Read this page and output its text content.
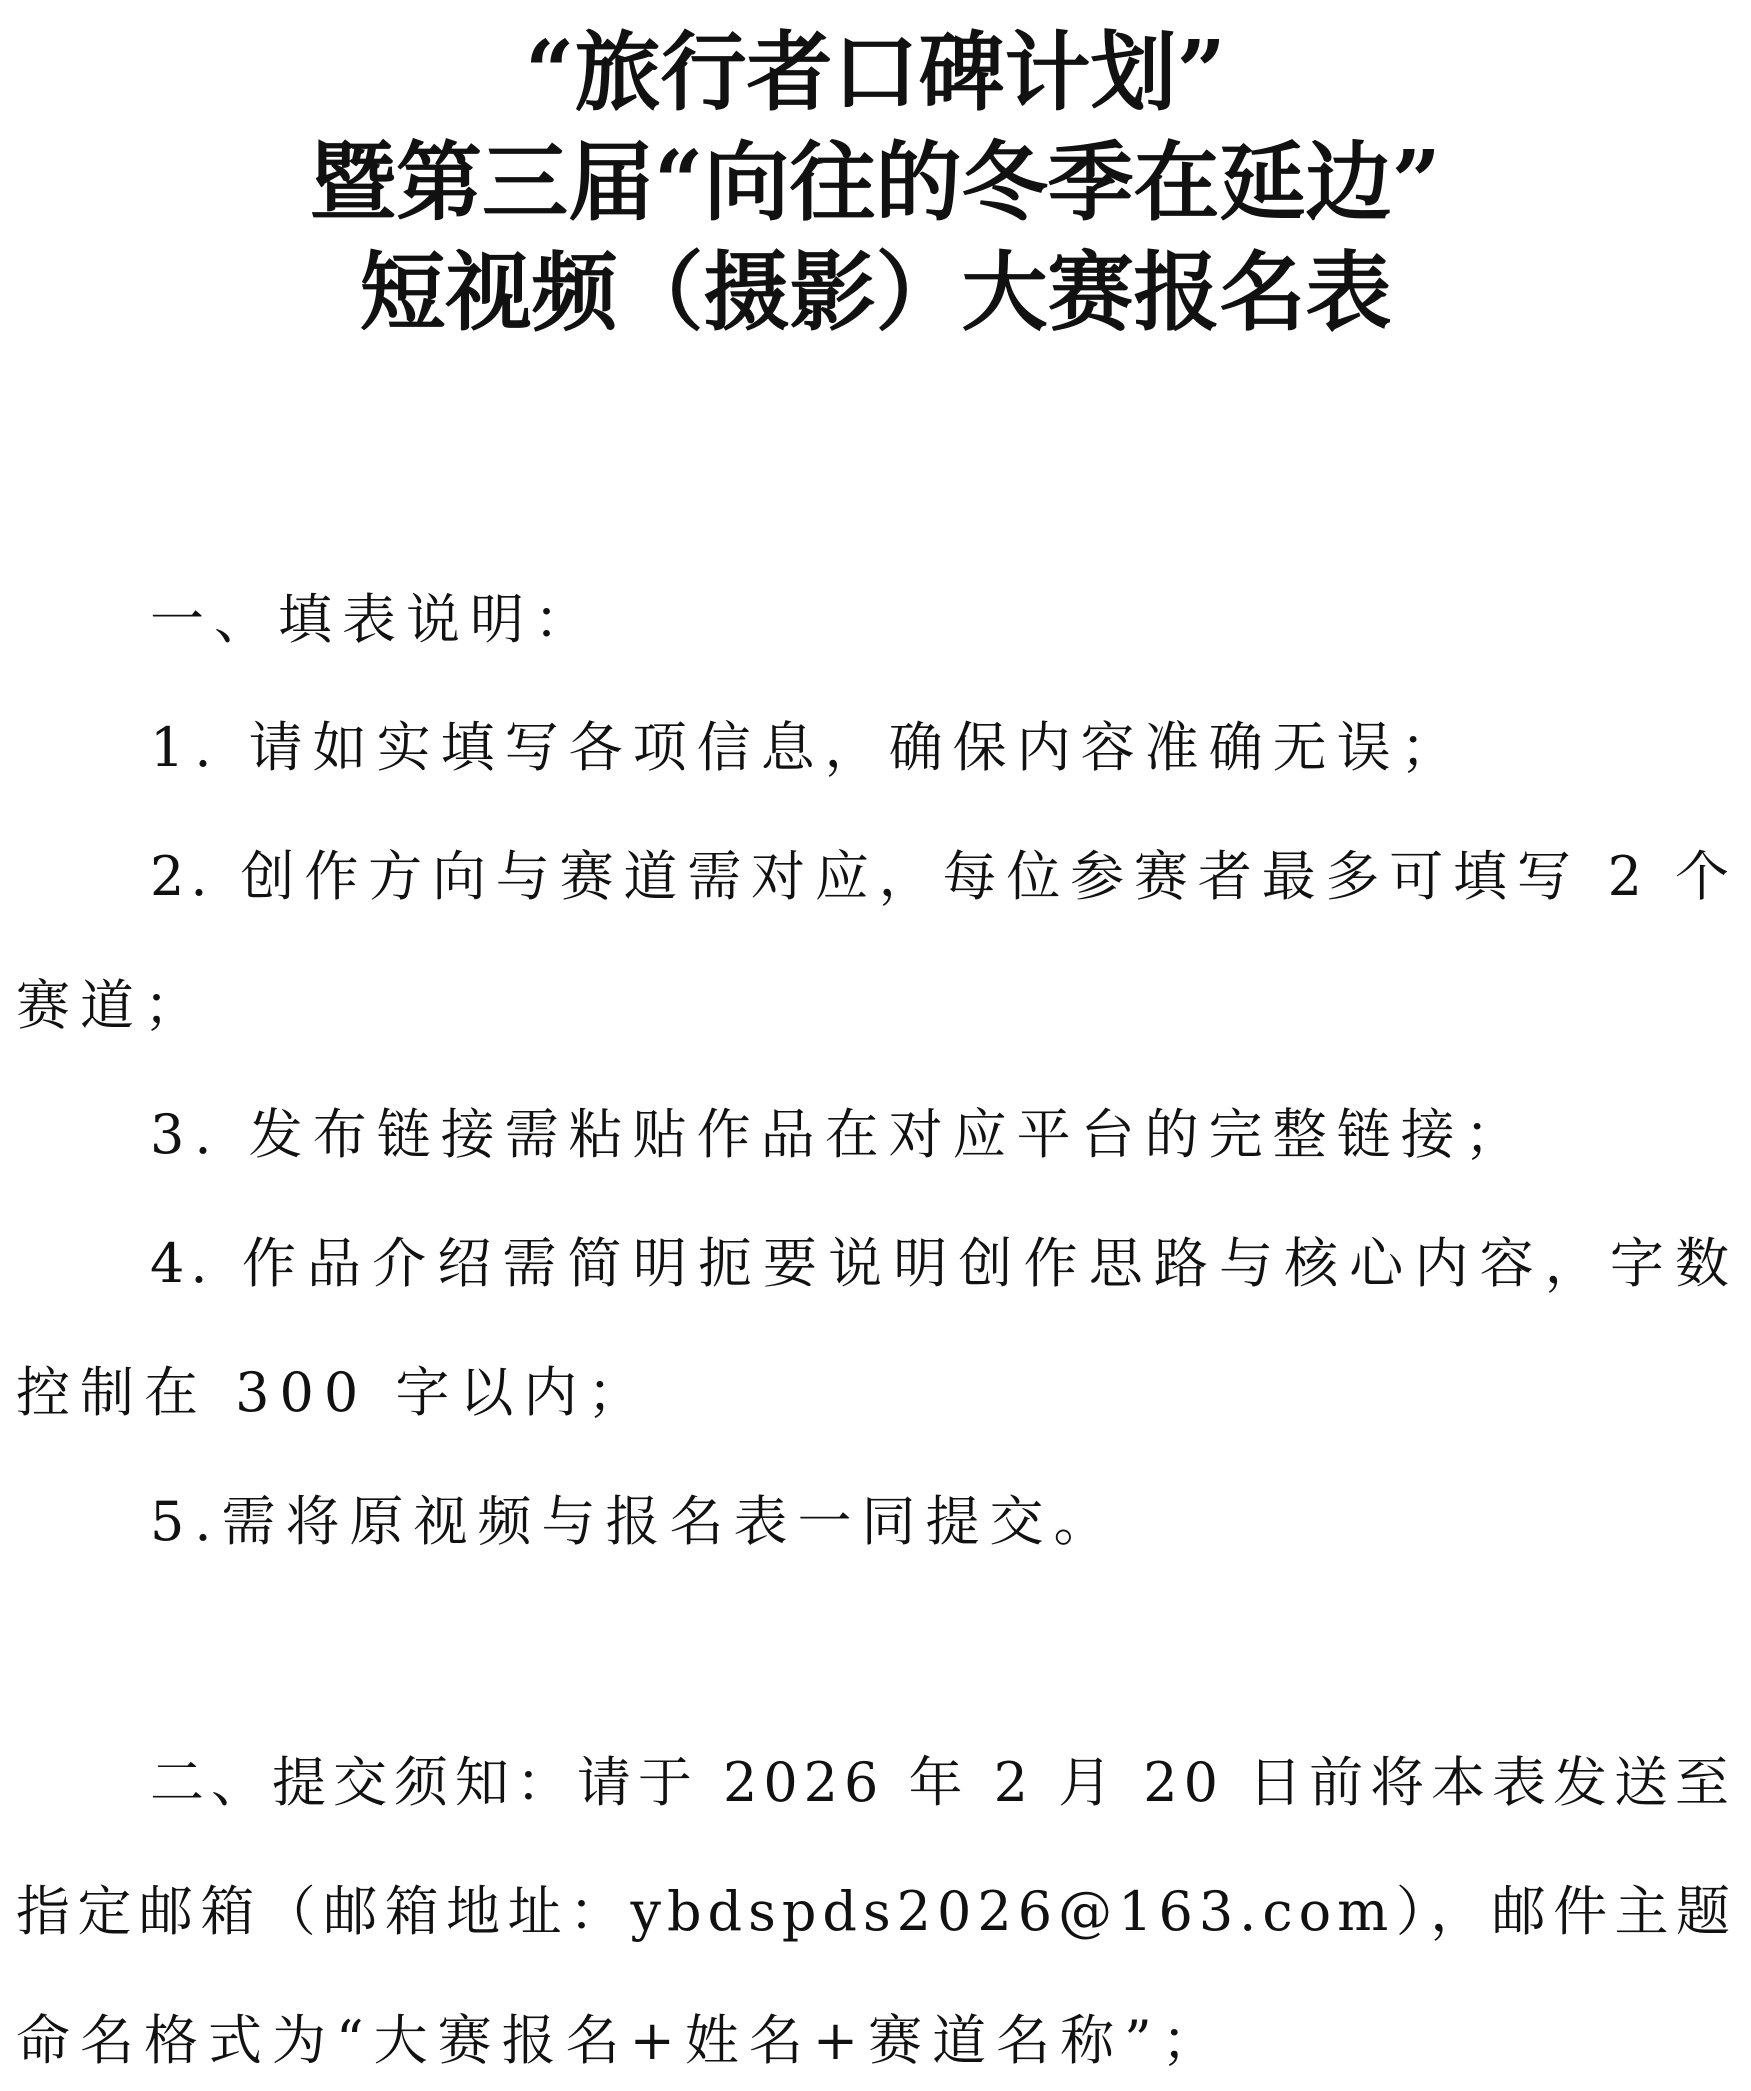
“旅行者口碑计划”
暨第三届“向往的冬季在延边”
短视频（摄影）大赛报名表
一、填表说明：
1. 请如实填写各项信息，确保内容准确无误；
2. 创作方向与赛道需对应，每位参赛者最多可填写 2 个
赛道；
3. 发布链接需粘贴作品在对应平台的完整链接；
4. 作品介绍需简明扼要说明创作思路与核心内容，字数
控制在 300 字以内；
5.需将原视频与报名表一同提交。
二、提交须知：请于 2026 年 2 月 20 日前将本表发送至
指定邮箱（邮箱地址：ybdspds2026@163.com），邮件主题
命名格式为“大赛报名+姓名+赛道名称”；
